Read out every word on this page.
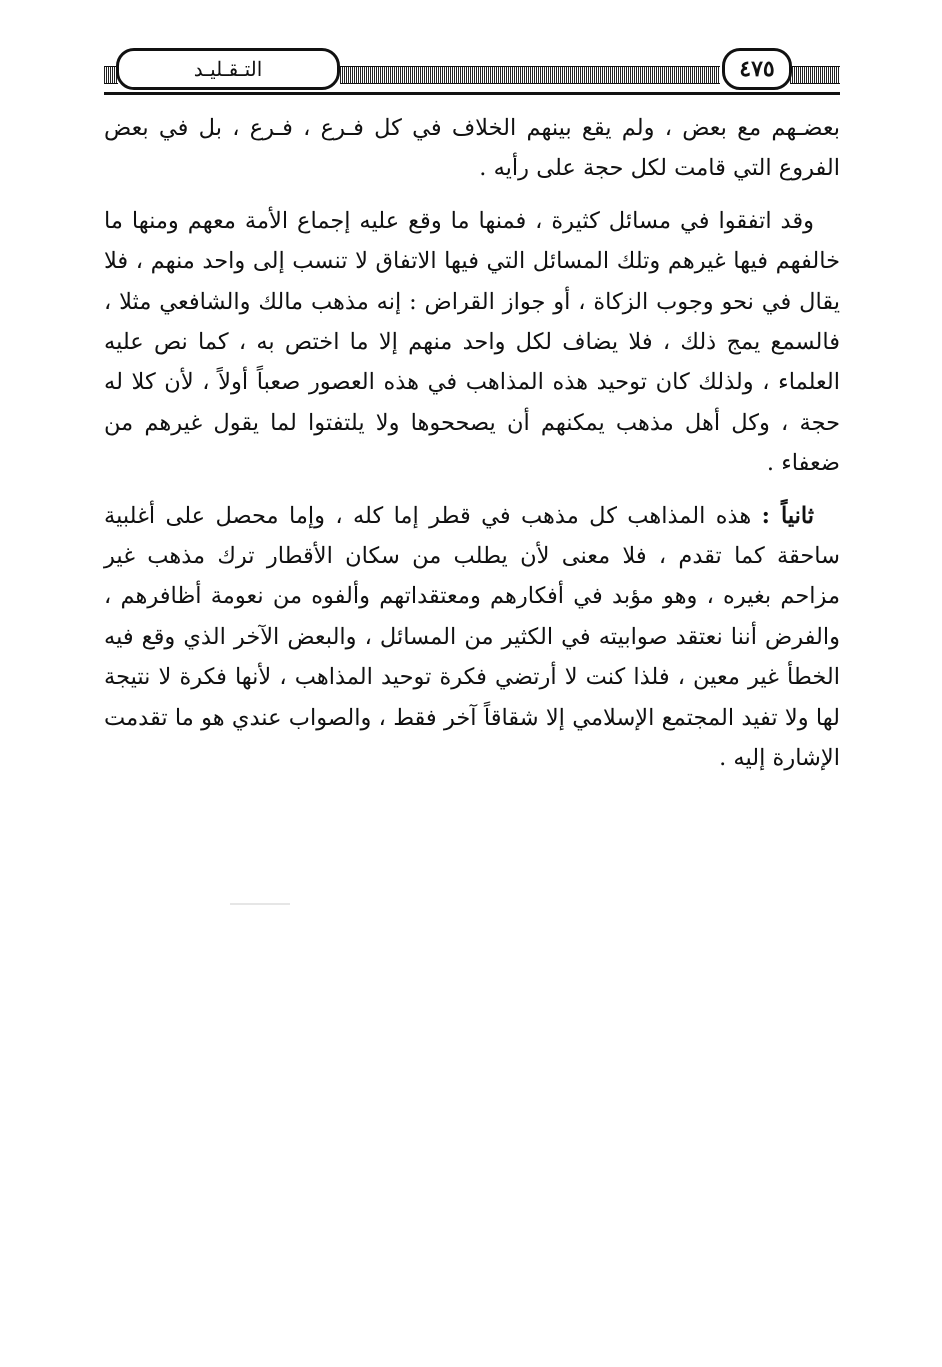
التـقـليـد	٤٧٥

بعضـهم مع بعض ، ولم يقع بينهم الخلاف في كل فـرع ، فـرع ، بل في بعض الفروع التي قامت لكل حجة على رأيه .

وقد اتفقوا في مسائل كثيرة ، فمنها ما وقع عليه إجماع الأمة معهم ومنها ما خالفهم فيها غيرهم وتلك المسائل التي فيها الاتفاق لا تنسب إلى واحد منهم ، فلا يقال في نحو وجوب الزكاة ، أو جواز القراض : إنه مذهب مالك والشافعي مثلا ، فالسمع يمج ذلك ، فلا يضاف لكل واحد منهم إلا ما اختص به ، كما نص عليه العلماء ، ولذلك كان توحيد هذه المذاهب في هذه العصور صعباً أولاً ، لأن كلا له حجة ، وكل أهل مذهب يمكنهم أن يصححوها ولا يلتفتوا لما يقول غيرهم من ضعفاء .

ثانياً : هذه المذاهب كل مذهب في قطر إما كله ، وإما محصل على أغلبية ساحقة كما تقدم ، فلا معنى لأن يطلب من سكان الأقطار ترك مذهب غير مزاحم بغيره ، وهو مؤبد في أفكارهم ومعتقداتهم وألفوه من نعومة أظافرهم ، والفرض أننا نعتقد صوابيته في الكثير من المسائل ، والبعض الآخر الذي وقع فيه الخطأ غير معين ، فلذا كنت لا أرتضي فكرة توحيد المذاهب ، لأنها فكرة لا نتيجة لها ولا تفيد المجتمع الإسلامي إلا شقاقاً آخر فقط ، والصواب عندي هو ما تقدمت الإشارة إليه .
